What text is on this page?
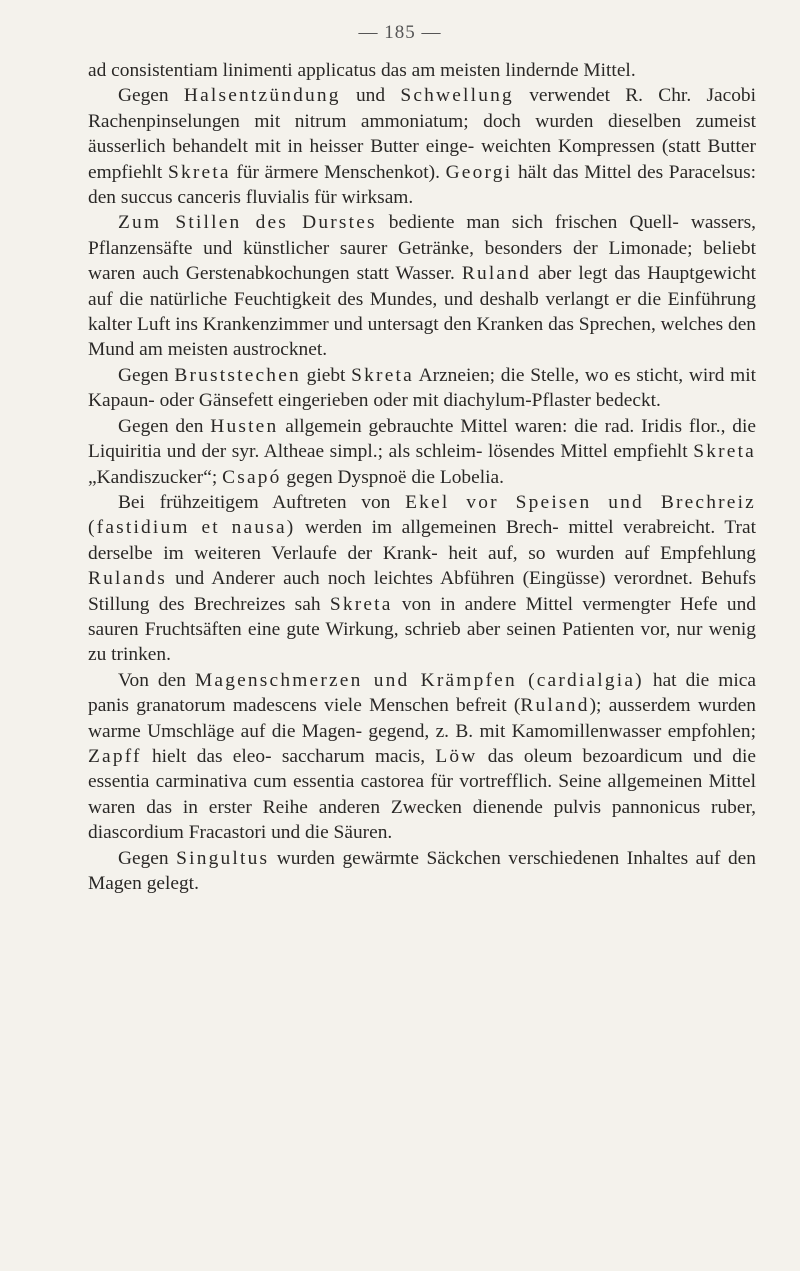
— 185 —

ad consistentiam linimenti applicatus das am meisten lindernde Mittel.

Gegen Halsentzündung und Schwellung verwendet R. Chr. Jacobi Rachenpinselungen mit nitrum ammoniatum; doch wurden dieselben zumeist äusserlich behandelt mit in heisser Butter einge- weichten Kompressen (statt Butter empfiehlt Skreta für ärmere Menschenkot). Georgi hält das Mittel des Paracelsus: den succus canceris fluvialis für wirksam.

Zum Stillen des Durstes bediente man sich frischen Quell- wassers, Pflanzensäfte und künstlicher saurer Getränke, besonders der Limonade; beliebt waren auch Gerstenabkochungen statt Wasser. Ruland aber legt das Hauptgewicht auf die natürliche Feuchtigkeit des Mundes, und deshalb verlangt er die Einführung kalter Luft ins Krankenzimmer und untersagt den Kranken das Sprechen, welches den Mund am meisten austrocknet.

Gegen Bruststechen giebt Skreta Arzneien; die Stelle, wo es sticht, wird mit Kapaun- oder Gänsefett eingerieben oder mit diachylum-Pflaster bedeckt.

Gegen den Husten allgemein gebrauchte Mittel waren: die rad. Iridis flor., die Liquiritia und der syr. Altheae simpl.; als schleim- lösendes Mittel empfiehlt Skreta „Kandiszucker“; Csapó gegen Dyspnoë die Lobelia.

Bei frühzeitigem Auftreten von Ekel vor Speisen und Brechreiz (fastidium et nausa) werden im allgemeinen Brech- mittel verabreicht. Trat derselbe im weiteren Verlaufe der Krank- heit auf, so wurden auf Empfehlung Rulands und Anderer auch noch leichtes Abführen (Eingüsse) verordnet. Behufs Stillung des Brechreizes sah Skreta von in andere Mittel vermengter Hefe und sauren Fruchtsäften eine gute Wirkung, schrieb aber seinen Patienten vor, nur wenig zu trinken.

Von den Magenschmerzen und Krämpfen (cardialgia) hat die mica panis granatorum madescens viele Menschen befreit (Ruland); ausserdem wurden warme Umschläge auf die Magen- gegend, z. B. mit Kamomillenwasser empfohlen; Zapff hielt das eleo- saccharum macis, Löw das oleum bezoardicum und die essentia carminativa cum essentia castorea für vortrefflich. Seine allgemeinen Mittel waren das in erster Reihe anderen Zwecken dienende pulvis pannonicus ruber, diascordium Fracastori und die Säuren.

Gegen Singultus wurden gewärmte Säckchen verschiedenen Inhaltes auf den Magen gelegt.
